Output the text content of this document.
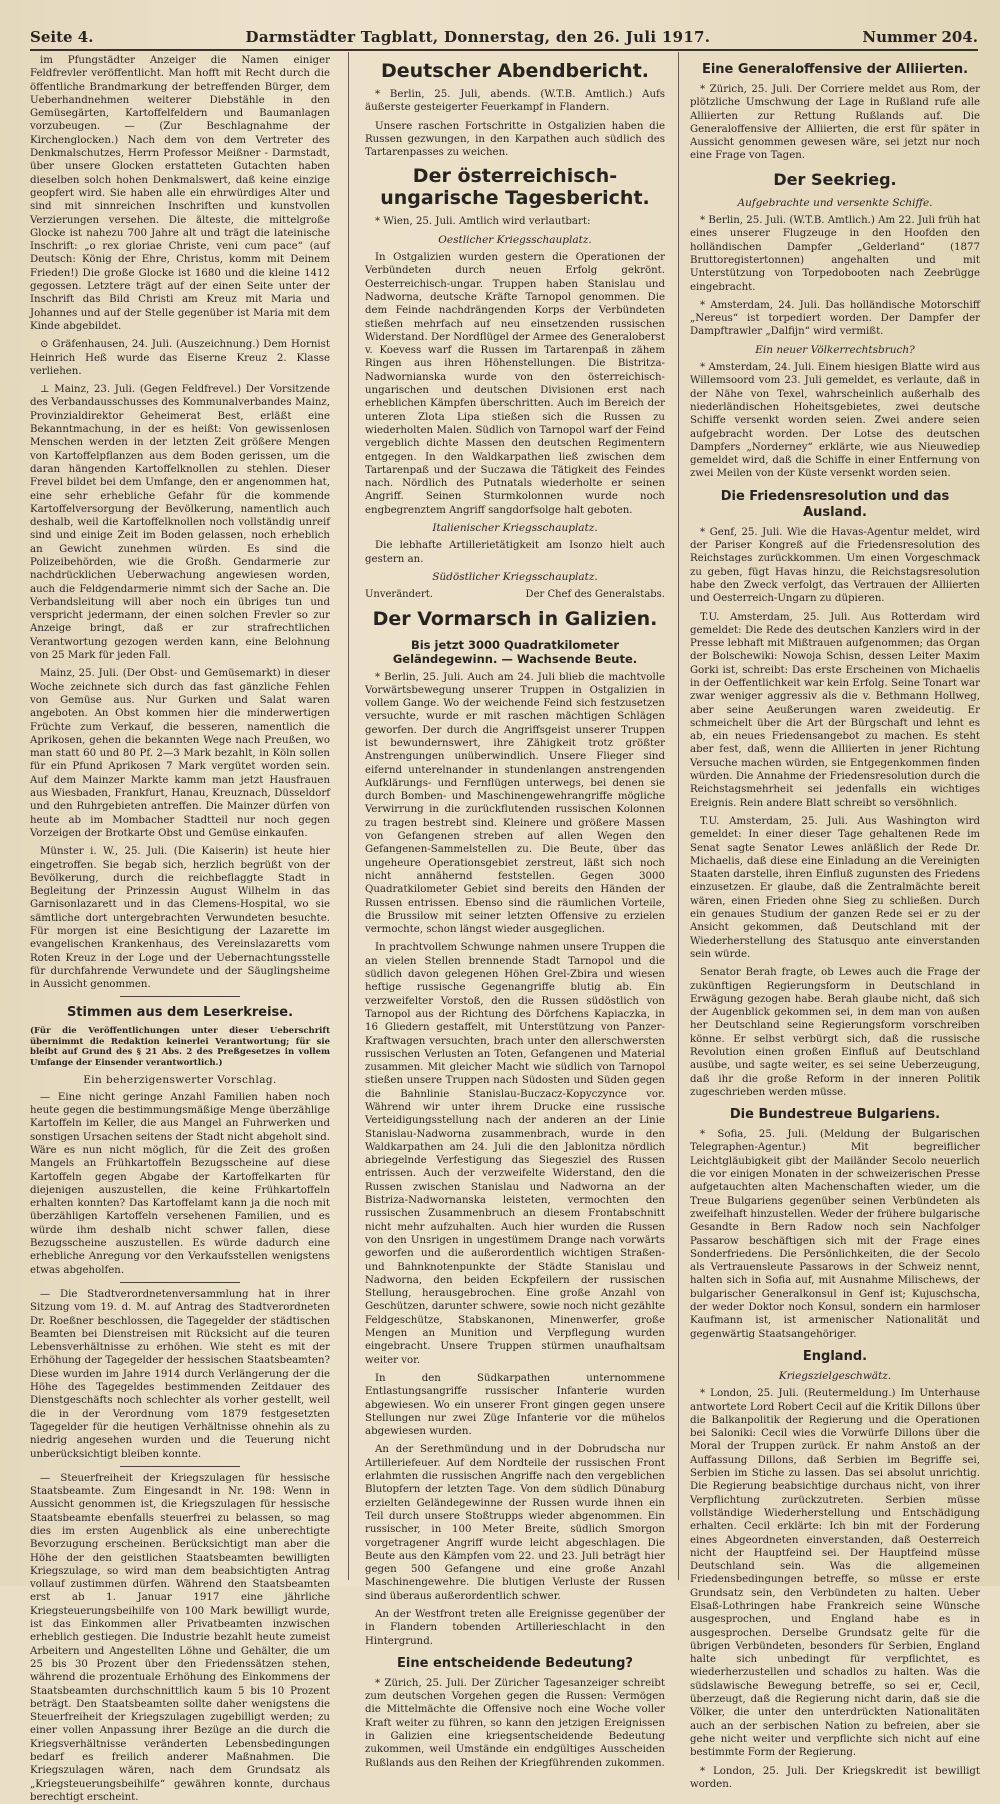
Seite 4.	Darmstädter Tagblatt, Donnerstag, den 26. Juli 1917.	Nummer 204.

im Pfungstädter Anzeiger die Namen einiger Feldfrevler veröffentlicht. Man hofft mit Recht durch die öffentliche Brandmarkung der betreffenden Bürger, dem Ueberhandnehmen weiterer Diebstähle in den Gemüsegärten, Kartoffelfeldern und Baumanlagen vorzubeugen. — (Zur Beschlagnahme der Kirchenglocken.) Nach dem von dem Vertreter des Denkmalschutzes, Herrn Professor Meißner - Darmstadt, über unsere Glocken erstatteten Gutachten haben dieselben solch hohen Denkmalswert, daß keine einzige geopfert wird. Sie haben alle ein ehrwürdiges Alter und sind mit sinnreichen Inschriften und kunstvollen Verzierungen versehen. Die älteste, die mittelgroße Glocke ist nahezu 700 Jahre alt und trägt die lateinische Inschrift: „o rex gloriae Christe, veni cum pace“ (auf Deutsch: König der Ehre, Christus, komm mit Deinem Frieden!) Die große Glocke ist 1680 und die kleine 1412 gegossen. Letztere trägt auf der einen Seite unter der Inschrift das Bild Christi am Kreuz mit Maria und Johannes und auf der Stelle gegenüber ist Maria mit dem Kinde abgebildet.

⊙ Gräfenhausen, 24. Juli. (Auszeichnung.) Dem Hornist Heinrich Heß wurde das Eiserne Kreuz 2. Klasse verliehen.

⊥ Mainz, 23. Juli. (Gegen Feldfrevel.) Der Vorsitzende des Verbandausschusses des Kommunalverbandes Mainz, Provinzialdirektor Geheimerat Best, erläßt eine Bekanntmachung, in der es heißt: Von gewissenlosen Menschen werden in der letzten Zeit größere Mengen von Kartoffelpflanzen aus dem Boden gerissen, um die daran hängenden Kartoffelknollen zu stehlen. Dieser Frevel bildet bei dem Umfange, den er angenommen hat, eine sehr erhebliche Gefahr für die kommende Kartoffelversorgung der Bevölkerung, namentlich auch deshalb, weil die Kartoffelknollen noch vollständig unreif sind und einige Zeit im Boden gelassen, noch erheblich an Gewicht zunehmen würden. Es sind die Polizeibehörden, wie die Großh. Gendarmerie zur nachdrücklichen Ueberwachung angewiesen worden, auch die Feldgendarmerie nimmt sich der Sache an. Die Verbandsleitung will aber noch ein übriges tun und verspricht jedermann, der einen solchen Frevler so zur Anzeige bringt, daß er zur strafrechtlichen Verantwortung gezogen werden kann, eine Belohnung von 25 Mark für jeden Fall.

Mainz, 25. Juli. (Der Obst- und Gemüsemarkt) in dieser Woche zeichnete sich durch das fast gänzliche Fehlen von Gemüse aus. Nur Gurken und Salat waren angeboten. An Obst kommen hier die minderwertigen Früchte zum Verkauf, die besseren, namentlich die Aprikosen, gehen die bekannten Wege nach Preußen, wo man statt 60 und 80 Pf. 2—3 Mark bezahlt, in Köln sollen für ein Pfund Aprikosen 7 Mark vergütet worden sein. Auf dem Mainzer Markte kamm man jetzt Hausfrauen aus Wiesbaden, Frankfurt, Hanau, Kreuznach, Düsseldorf und den Ruhrgebieten antreffen. Die Mainzer dürfen von heute ab im Mombacher Stadtteil nur noch gegen Vorzeigen der Brotkarte Obst und Gemüse einkaufen.

Münster i. W., 25. Juli. (Die Kaiserin) ist heute hier eingetroffen. Sie begab sich, herzlich begrüßt von der Bevölkerung, durch die reichbeflaggte Stadt in Begleitung der Prinzessin August Wilhelm in das Garnisonlazarett und in das Clemens-Hospital, wo sie sämtliche dort untergebrachten Verwundeten besuchte. Für morgen ist eine Besichtigung der Lazarette im evangelischen Krankenhaus, des Vereinslazaretts vom Roten Kreuz in der Loge und der Uebernachtungsstelle für durchfahrende Verwundete und der Säuglingsheime in Aussicht genommen.

Stimmen aus dem Leserkreise.
(Für die Veröffentlichungen unter dieser Ueberschrift übernimmt die Redaktion keinerlei Verantwortung; für sie bleibt auf Grund des § 21 Abs. 2 des Preßgesetzes in vollem Umfange der Einsender verantwortlich.)
Ein beherzigenswerter Vorschlag.

— Eine nicht geringe Anzahl Familien haben noch heute gegen die bestimmungsmäßige Menge überzählige Kartoffeln im Keller, die aus Mangel an Fuhrwerken und sonstigen Ursachen seitens der Stadt nicht abgeholt sind. Wäre es nun nicht möglich, für die Zeit des großen Mangels an Frühkartoffeln Bezugsscheine auf diese Kartoffeln gegen Abgabe der Kartoffelkarten für diejenigen auszustellen, die keine Frühkartoffeln erhalten konnten? Das Kartoffelamt kann ja die noch mit überzähligen Kartoffeln versehenen Familien, und es würde ihm deshalb nicht schwer fallen, diese Bezugsscheine auszustellen. Es würde dadurch eine erhebliche Anregung vor den Verkaufsstellen wenigstens etwas abgeholfen.

— Die Stadtverordnetenversammlung hat in ihrer Sitzung vom 19. d. M. auf Antrag des Stadtverordneten Dr. Roeßner beschlossen, die Tagegelder der städtischen Beamten bei Dienstreisen mit Rücksicht auf die teuren Lebensverhältnisse zu erhöhen. Wie steht es mit der Erhöhung der Tagegelder der hessischen Staatsbeamten? Diese wurden im Jahre 1914 durch Verlängerung der die Höhe des Tagegeldes bestimmenden Zeitdauer des Dienstgeschäfts noch schlechter als vorher gestellt, weil die in der Verordnung vom 1879 festgesetzten Tagegelder für die heutigen Verhältnisse ohnehin als zu niedrig angesehen wurden und die Teuerung nicht unberücksichtigt bleiben konnte.

— Steuerfreiheit der Kriegszulagen für hessische Staatsbeamte. Zum Eingesandt in Nr. 198: Wenn in Aussicht genommen ist, die Kriegszulagen für hessische Staatsbeamte ebenfalls steuerfrei zu belassen, so mag dies im ersten Augenblick als eine unberechtigte Bevorzugung erscheinen. Berücksichtigt man aber die Höhe der den geistlichen Staatsbeamten bewilligten Kriegszulage, so wird man dem beabsichtigten Antrag vollauf zustimmen dürfen. Während den Staatsbeamten erst ab 1. Januar 1917 eine jährliche Kriegsteuerungsbeihilfe von 100 Mark bewilligt wurde, ist das Einkommen aller Privatbeamten inzwischen erheblich gestiegen. Die Industrie bezahlt heute zumeist Arbeitern und Angestellten Löhne und Gehälter, die um 25 bis 30 Prozent über den Friedenssätzen stehen, während die prozentuale Erhöhung des Einkommens der Staatsbeamten durchschnittlich kaum 5 bis 10 Prozent beträgt. Den Staatsbeamten sollte daher wenigstens die Steuerfreiheit der Kriegszulagen zugebilligt werden; zu einer vollen Anpassung ihrer Bezüge an die durch die Kriegsverhältnisse veränderten Lebensbedingungen bedarf es freilich anderer Maßnahmen. Die Kriegszulagen wären, nach dem Grundsatz als „Kriegsteuerungsbeihilfe“ gewähren konnte, durchaus berechtigt erscheint.

Deutscher Abendbericht.

* Berlin, 25. Juli, abends. (W.T.B. Amtlich.) Aufs äußerste gesteigerter Feuerkampf in Flandern.

Unsere raschen Fortschritte in Ostgalizien haben die Russen gezwungen, in den Karpathen auch südlich des Tartarenpasses zu weichen.

Der österreichisch-ungarische Tagesbericht.

* Wien, 25. Juli. Amtlich wird verlautbart:

Oestlicher Kriegsschauplatz.

In Ostgalizien wurden gestern die Operationen der Verbündeten durch neuen Erfolg gekrönt. Oesterreichisch-ungar. Truppen haben Stanislau und Nadworna, deutsche Kräfte Tarnopol genommen. Die dem Feinde nachdrängenden Korps der Verbündeten stießen mehrfach auf neu einsetzenden russischen Widerstand. Der Nordflügel der Armee des Generaloberst v. Koevess warf die Russen im Tartarenpaß in zähem Ringen aus ihren Höhenstellungen. Die Bistritza-Nadwornianska wurde von den österreichisch-ungarischen und deutschen Divisionen erst nach erheblichen Kämpfen überschritten. Auch im Bereich der unteren Zlota Lipa stießen sich die Russen zu wiederholten Malen. Südlich von Tarnopol warf der Feind vergeblich dichte Massen den deutschen Regimentern entgegen. In den Waldkarpathen ließ zwischen dem Tartarenpaß und der Suczawa die Tätigkeit des Feindes nach. Nördlich des Putnatals wiederholte er seinen Angriff. Seinen Sturmkolonnen wurde noch engbegrenztem Angriff sangdorfsolge halt geboten.

Italienischer Kriegsschauplatz.

Die lebhafte Artillerietätigkeit am Isonzo hielt auch gestern an.

Südöstlicher Kriegsschauplatz.
Unverändert.	Der Chef des Generalstabs.
Der Vormarsch in Galizien.
Bis jetzt 3000 Quadratkilometer Geländegewinn. — Wachsende Beute.

* Berlin, 25. Juli. Auch am 24. Juli blieb die machtvolle Vorwärtsbewegung unserer Truppen in Ostgalizien in vollem Gange. Wo der weichende Feind sich festzusetzen versuchte, wurde er mit raschen mächtigen Schlägen geworfen. Der durch die Angriffsgeist unserer Truppen ist bewundernswert, ihre Zähigkeit trotz größter Anstrengungen unüberwindlich. Unsere Flieger sind eifernd unterelnander in stundenlangen anstrengenden Aufklärungs- und Fernflügen unterwegs, bei denen sie durch Bomben- und Maschinengewehrangriffe mögliche Verwirrung in die zurückflutenden russischen Kolonnen zu tragen bestrebt sind. Kleinere und größere Massen von Gefangenen streben auf allen Wegen den Gefangenen-Sammelstellen zu. Die Beute, über das ungeheure Operationsgebiet zerstreut, läßt sich noch nicht annähernd feststellen. Gegen 3000 Quadratkilometer Gebiet sind bereits den Händen der Russen entrissen. Ebenso sind die räumlichen Vorteile, die Brussilow mit seiner letzten Offensive zu erzielen vermochte, schon längst wieder ausgeglichen.

In prachtvollem Schwunge nahmen unsere Truppen die an vielen Stellen brennende Stadt Tarnopol und die südlich davon gelegenen Höhen Grel-Zbira und wiesen heftige russische Gegenangriffe blutig ab. Ein verzweifelter Vorstoß, den die Russen südöstlich von Tarnopol aus der Richtung des Dörfchens Kapiaczka, in 16 Gliedern gestaffelt, mit Unterstützung von Panzer-Kraftwagen versuchten, brach unter den allerschwersten russischen Verlusten an Toten, Gefangenen und Material zusammen. Mit gleicher Macht wie südlich von Tarnopol stießen unsere Truppen nach Südosten und Süden gegen die Bahnlinie Stanislau-Buczacz-Kopyczynce vor. Während wir unter ihrem Drucke eine russische Verteidigungsstellung nach der anderen an der Linie Stanislau-Nadworna zusammenbrach, wurde in den Waldkarpathen am 24. Juli die den Jablonitza nördlich abriegelnde Verfestigung das Siegesziel des Russen entrissen. Auch der verzweifelte Widerstand, den die Russen zwischen Stanislau und Nadworna an der Bistriza-Nadwornanska leisteten, vermochten den russischen Zusammenbruch an diesem Frontabschnitt nicht mehr aufzuhalten. Auch hier wurden die Russen von den Unsrigen in ungestümem Drange nach vorwärts geworfen und die außerordentlich wichtigen Straßen- und Bahnknotenpunkte der Städte Stanislau und Nadworna, den beiden Eckpfeilern der russischen Stellung, herausgebrochen. Eine große Anzahl von Geschützen, darunter schwere, sowie noch nicht gezählte Feldgeschütze, Stabskanonen, Minenwerfer, große Mengen an Munition und Verpflegung wurden eingebracht. Unsere Truppen stürmen unaufhaltsam weiter vor.

In den Südkarpathen unternommene Entlastungsangriffe russischer Infanterie wurden abgewiesen. Wo ein unserer Front gingen gegen unsere Stellungen nur zwei Züge Infanterie vor die mühelos abgewiesen wurden.

An der Serethmündung und in der Dobrudscha nur Artilleriefeuer. Auf dem Nordteile der russischen Front erlahmten die russischen Angriffe nach den vergeblichen Blutopfern der letzten Tage. Von dem südlich Dünaburg erzielten Geländegewinne der Russen wurde ihnen ein Teil durch unsere Stoßtrupps wieder abgenommen. Ein russischer, in 100 Meter Breite, südlich Smorgon vorgetragener Angriff wurde leicht abgeschlagen. Die Beute aus den Kämpfen vom 22. und 23. Juli beträgt hier gegen 500 Gefangene und eine große Anzahl Maschinengewehre. Die blutigen Verluste der Russen sind überaus außerordentlich schwer.

An der Westfront treten alle Ereignisse gegenüber der in Flandern tobenden Artillerieschlacht in den Hintergrund.

Eine entscheidende Bedeutung?

* Zürich, 25. Juli. Der Züricher Tagesanzeiger schreibt zum deutschen Vorgehen gegen die Russen: Vermögen die Mittelmächte die Offensive noch eine Woche voller Kraft weiter zu führen, so kann den jetzigen Ereignissen in Galizien eine kriegsentscheidende Bedeutung zukommen, weil Umstände ein endgültiges Ausscheiden Rußlands aus den Reihen der Kriegführenden zukommen.

Eine Generaloffensive der Alliierten.

* Zürich, 25. Juli. Der Corriere meldet aus Rom, der plötzliche Umschwung der Lage in Rußland rufe alle Alliierten zur Rettung Rußlands auf. Die Generaloffensive der Alliierten, die erst für später in Aussicht genommen gewesen wäre, sei jetzt nur noch eine Frage von Tagen.

Der Seekrieg.
Aufgebrachte und versenkte Schiffe.

* Berlin, 25. Juli. (W.T.B. Amtlich.) Am 22. Juli früh hat eines unserer Flugzeuge in den Hoofden den holländischen Dampfer „Gelderland“ (1877 Bruttoregistertonnen) angehalten und mit Unterstützung von Torpedobooten nach Zeebrügge eingebracht.

* Amsterdam, 24. Juli. Das holländische Motorschiff „Nereus“ ist torpediert worden. Der Dampfer der Dampftrawler „Dalfijn“ wird vermißt.

Ein neuer Völkerrechtsbruch?

* Amsterdam, 24. Juli. Einem hiesigen Blatte wird aus Willemsoord vom 23. Juli gemeldet, es verlaute, daß in der Nähe von Texel, wahrscheinlich außerhalb des niederländischen Hoheitsgebietes, zwei deutsche Schiffe versenkt worden seien. Zwei andere seien aufgebracht worden. Der Lotse des deutschen Dampfers „Norderney“ erklärte, wie aus Nieuwediep gemeldet wird, daß die Schiffe in einer Entfernung von zwei Meilen von der Küste versenkt worden seien.

Die Friedensresolution und das Ausland.

* Genf, 25. Juli. Wie die Havas-Agentur meldet, wird der Pariser Kongreß auf die Friedensresolution des Reichstages zurückkommen. Um einen Vorgeschmack zu geben, fügt Havas hinzu, die Reichstagsresolution habe den Zweck verfolgt, das Vertrauen der Alliierten und Oesterreich-Ungarn zu düpieren.

T.U. Amsterdam, 25. Juli. Aus Rotterdam wird gemeldet: Die Rede des deutschen Kanzlers wird in der Presse lebhaft mit Mißtrauen aufgenommen; das Organ der Bolschewiki: Nowoja Schisn, dessen Leiter Maxim Gorki ist, schreibt: Das erste Erscheinen von Michaelis in der Oeffentlichkeit war kein Erfolg. Seine Tonart war zwar weniger aggressiv als die v. Bethmann Hollweg, aber seine Aeußerungen waren zweideutig. Er schmeichelt über die Art der Bürgschaft und lehnt es ab, ein neues Friedensangebot zu machen. Es steht aber fest, daß, wenn die Alliierten in jener Richtung Versuche machen würden, sie Entgegenkommen finden würden. Die Annahme der Friedensresolution durch die Reichstagsmehrheit sei jedenfalls ein wichtiges Ereignis. Rein andere Blatt schreibt so versöhnlich.

T.U. Amsterdam, 25. Juli. Aus Washington wird gemeldet: In einer dieser Tage gehaltenen Rede im Senat sagte Senator Lewes anläßlich der Rede Dr. Michaelis, daß diese eine Einladung an die Vereinigten Staaten darstelle, ihren Einfluß zugunsten des Friedens einzusetzen. Er glaube, daß die Zentralmächte bereit wären, einen Frieden ohne Sieg zu schließen. Durch ein genaues Studium der ganzen Rede sei er zu der Ansicht gekommen, daß Deutschland mit der Wiederherstellung des Statusquo ante einverstanden sein würde.

Senator Berah fragte, ob Lewes auch die Frage der zukünftigen Regierungsform in Deutschland in Erwägung gezogen habe. Berah glaube nicht, daß sich der Augenblick gekommen sei, in dem man von außen her Deutschland seine Regierungsform vorschreiben könne. Er selbst verbürgt sich, daß die russische Revolution einen großen Einfluß auf Deutschland ausübe, und sagte weiter, es sei seine Ueberzeugung, daß ihr die große Reform in der inneren Politik zugeschrieben werden müsse.

Die Bundestreue Bulgariens.

* Sofia, 25. Juli. (Meldung der Bulgarischen Telegraphen-Agentur.) Mit begreiflicher Leichtgläubigkeit gibt der Mailänder Secolo neuerlich die vor einigen Monaten in der schweizerischen Presse aufgetauchten alten Machenschaften wieder, um die Treue Bulgariens gegenüber seinen Verbündeten als zweifelhaft hinzustellen. Weder der frühere bulgarische Gesandte in Bern Radow noch sein Nachfolger Passarow beschäftigen sich mit der Frage eines Sonderfriedens. Die Persönlichkeiten, die der Secolo als Vertrauensleute Passarows in der Schweiz nennt, halten sich in Sofia auf, mit Ausnahme Milischews, der bulgarischer Generalkonsul in Genf ist; Kujuschscha, der weder Doktor noch Konsul, sondern ein harmloser Kaufmann ist, ist armenischer Nationalität und gegenwärtig Staatsangehöriger.

England.
Kriegszielgeschwätz.

* London, 25. Juli. (Reutermeldung.) Im Unterhause antwortete Lord Robert Cecil auf die Kritik Dillons über die Balkanpolitik der Regierung und die Operationen bei Saloniki: Cecil wies die Vorwürfe Dillons über die Moral der Truppen zurück. Er nahm Anstoß an der Auffassung Dillons, daß Serbien im Begriffe sei, Serbien im Stiche zu lassen. Das sei absolut unrichtig. Die Regierung beabsichtige durchaus nicht, von ihrer Verpflichtung zurückzutreten. Serbien müsse vollständige Wiederherstellung und Entschädigung erhalten. Cecil erklärte: Ich bin mit der Forderung eines Abgeordneten einverstanden, daß Oesterreich nicht der Hauptfeind sei. Der Hauptfeind müsse Deutschland sein. Was die allgemeinen Friedensbedingungen betreffe, so müsse er erste Grundsatz sein, den Verbündeten zu halten. Ueber Elsaß-Lothringen habe Frankreich seine Wünsche ausgesprochen, und England habe es in ausgesprochen. Derselbe Grundsatz gelte für die übrigen Verbündeten, besonders für Serbien, England halte sich unbedingt für verpflichtet, es wiederherzustellen und schadlos zu halten. Was die südslawische Bewegung betreffe, so sei er, Cecil, überzeugt, daß die Regierung nicht darin, daß sie die Völker, die unter den unterdrückten Nationalitäten auch an der serbischen Nation zu befreien, aber sie gehe nicht weiter und verpflichte sich nicht auf eine bestimmte Form der Regierung.

* London, 25. Juli. Der Kriegskredit ist bewilligt worden.
